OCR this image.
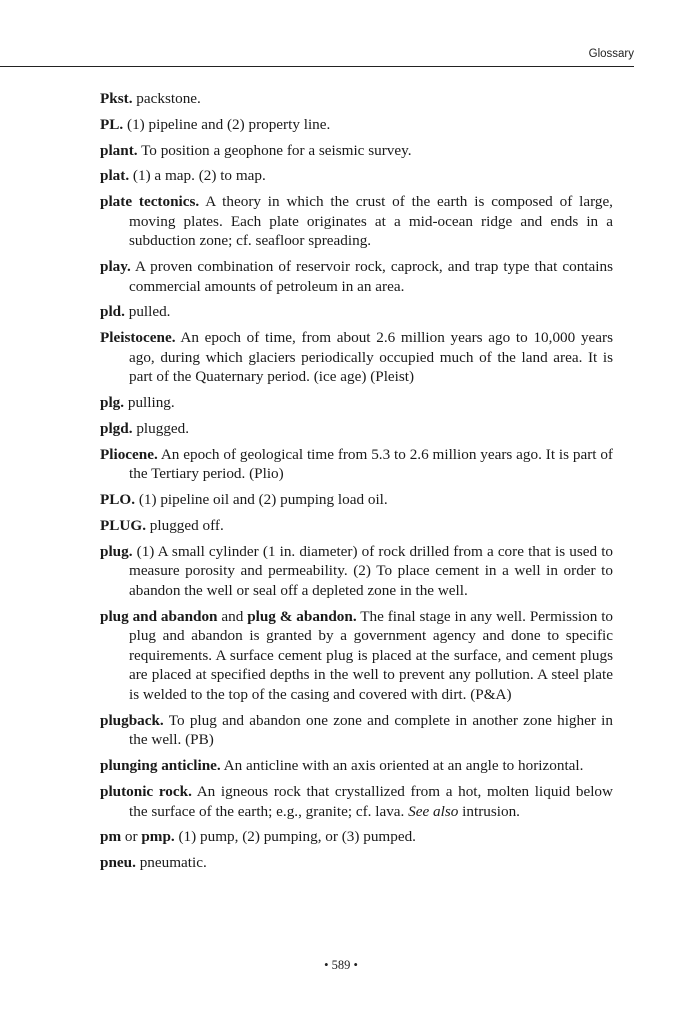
Glossary

Pkst. packstone.

PL. (1) pipeline and (2) property line.

plant. To position a geophone for a seismic survey.

plat. (1) a map. (2) to map.

plate tectonics. A theory in which the crust of the earth is composed of large, moving plates. Each plate originates at a mid-ocean ridge and ends in a subduction zone; cf. seafloor spreading.

play. A proven combination of reservoir rock, caprock, and trap type that contains commercial amounts of petroleum in an area.

pld. pulled.

Pleistocene. An epoch of time, from about 2.6 million years ago to 10,000 years ago, during which glaciers periodically occupied much of the land area. It is part of the Quaternary period. (ice age) (Pleist)

plg. pulling.

plgd. plugged.

Pliocene. An epoch of geological time from 5.3 to 2.6 million years ago. It is part of the Tertiary period. (Plio)

PLO. (1) pipeline oil and (2) pumping load oil.

PLUG. plugged off.

plug. (1) A small cylinder (1 in. diameter) of rock drilled from a core that is used to measure porosity and permeability. (2) To place cement in a well in order to abandon the well or seal off a depleted zone in the well.

plug and abandon and plug & abandon. The final stage in any well. Permission to plug and abandon is granted by a government agency and done to specific requirements. A surface cement plug is placed at the surface, and cement plugs are placed at specified depths in the well to prevent any pollution. A steel plate is welded to the top of the casing and covered with dirt. (P&A)

plugback. To plug and abandon one zone and complete in another zone higher in the well. (PB)

plunging anticline. An anticline with an axis oriented at an angle to horizontal.

plutonic rock. An igneous rock that crystallized from a hot, molten liquid below the surface of the earth; e.g., granite; cf. lava. See also intrusion.

pm or pmp. (1) pump, (2) pumping, or (3) pumped.

pneu. pneumatic.

• 589 •
